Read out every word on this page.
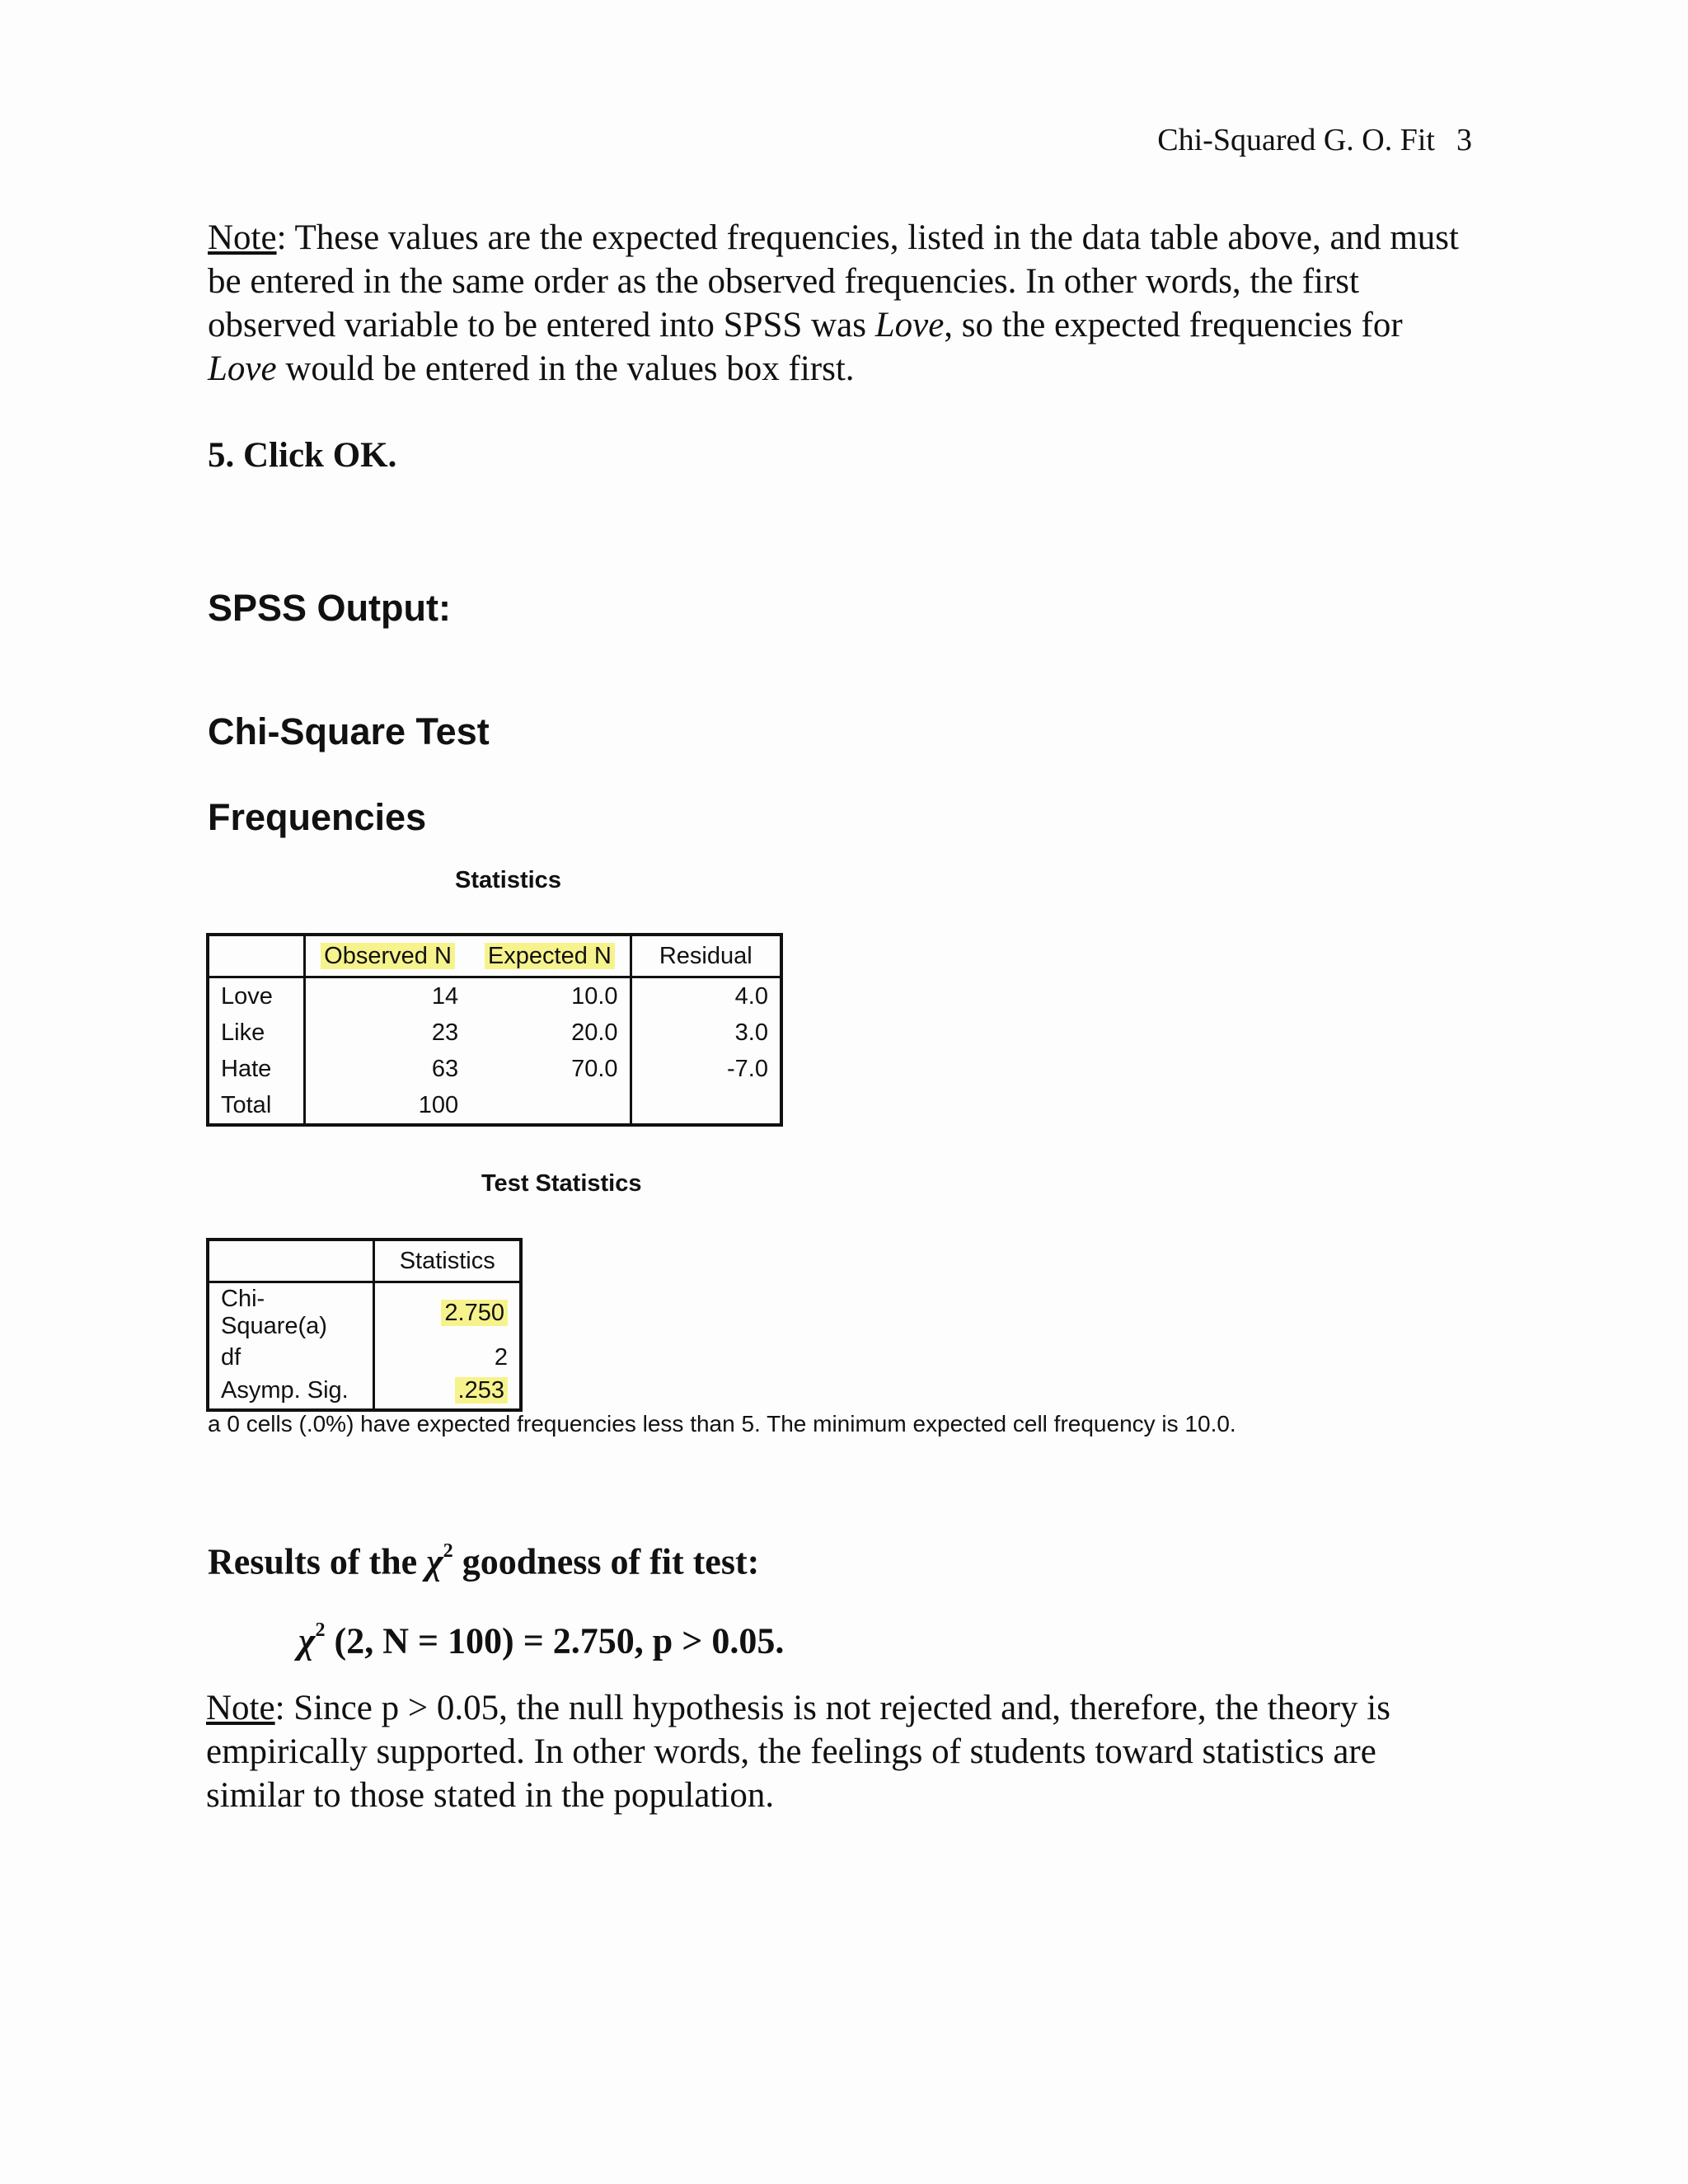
Chi-Squared G. O. Fit 3
Note: These values are the expected frequencies, listed in the data table above, and must be entered in the same order as the observed frequencies. In other words, the first observed variable to be entered into SPSS was Love, so the expected frequencies for Love would be entered in the values box first.
5. Click OK.
SPSS Output:
Chi-Square Test
Frequencies
Statistics
	Observed N	Expected N	Residual
Love	14	10.0	4.0
Like	23	20.0	3.0
Hate	63	70.0	-7.0
Total	100		
Test Statistics
	Statistics

Chi-Square(a)	2.750
df	2
Asymp. Sig.	.253
a 0 cells (.0%) have expected frequencies less than 5. The minimum expected cell frequency is 10.0.
Results of the $\chi^2$ goodness of fit test:
$\chi^2$ (2, N = 100) = 2.750, p > 0.05.
Note: Since p > 0.05, the null hypothesis is not rejected and, therefore, the theory is empirically supported. In other words, the feelings of students toward statistics are similar to those stated in the population.
